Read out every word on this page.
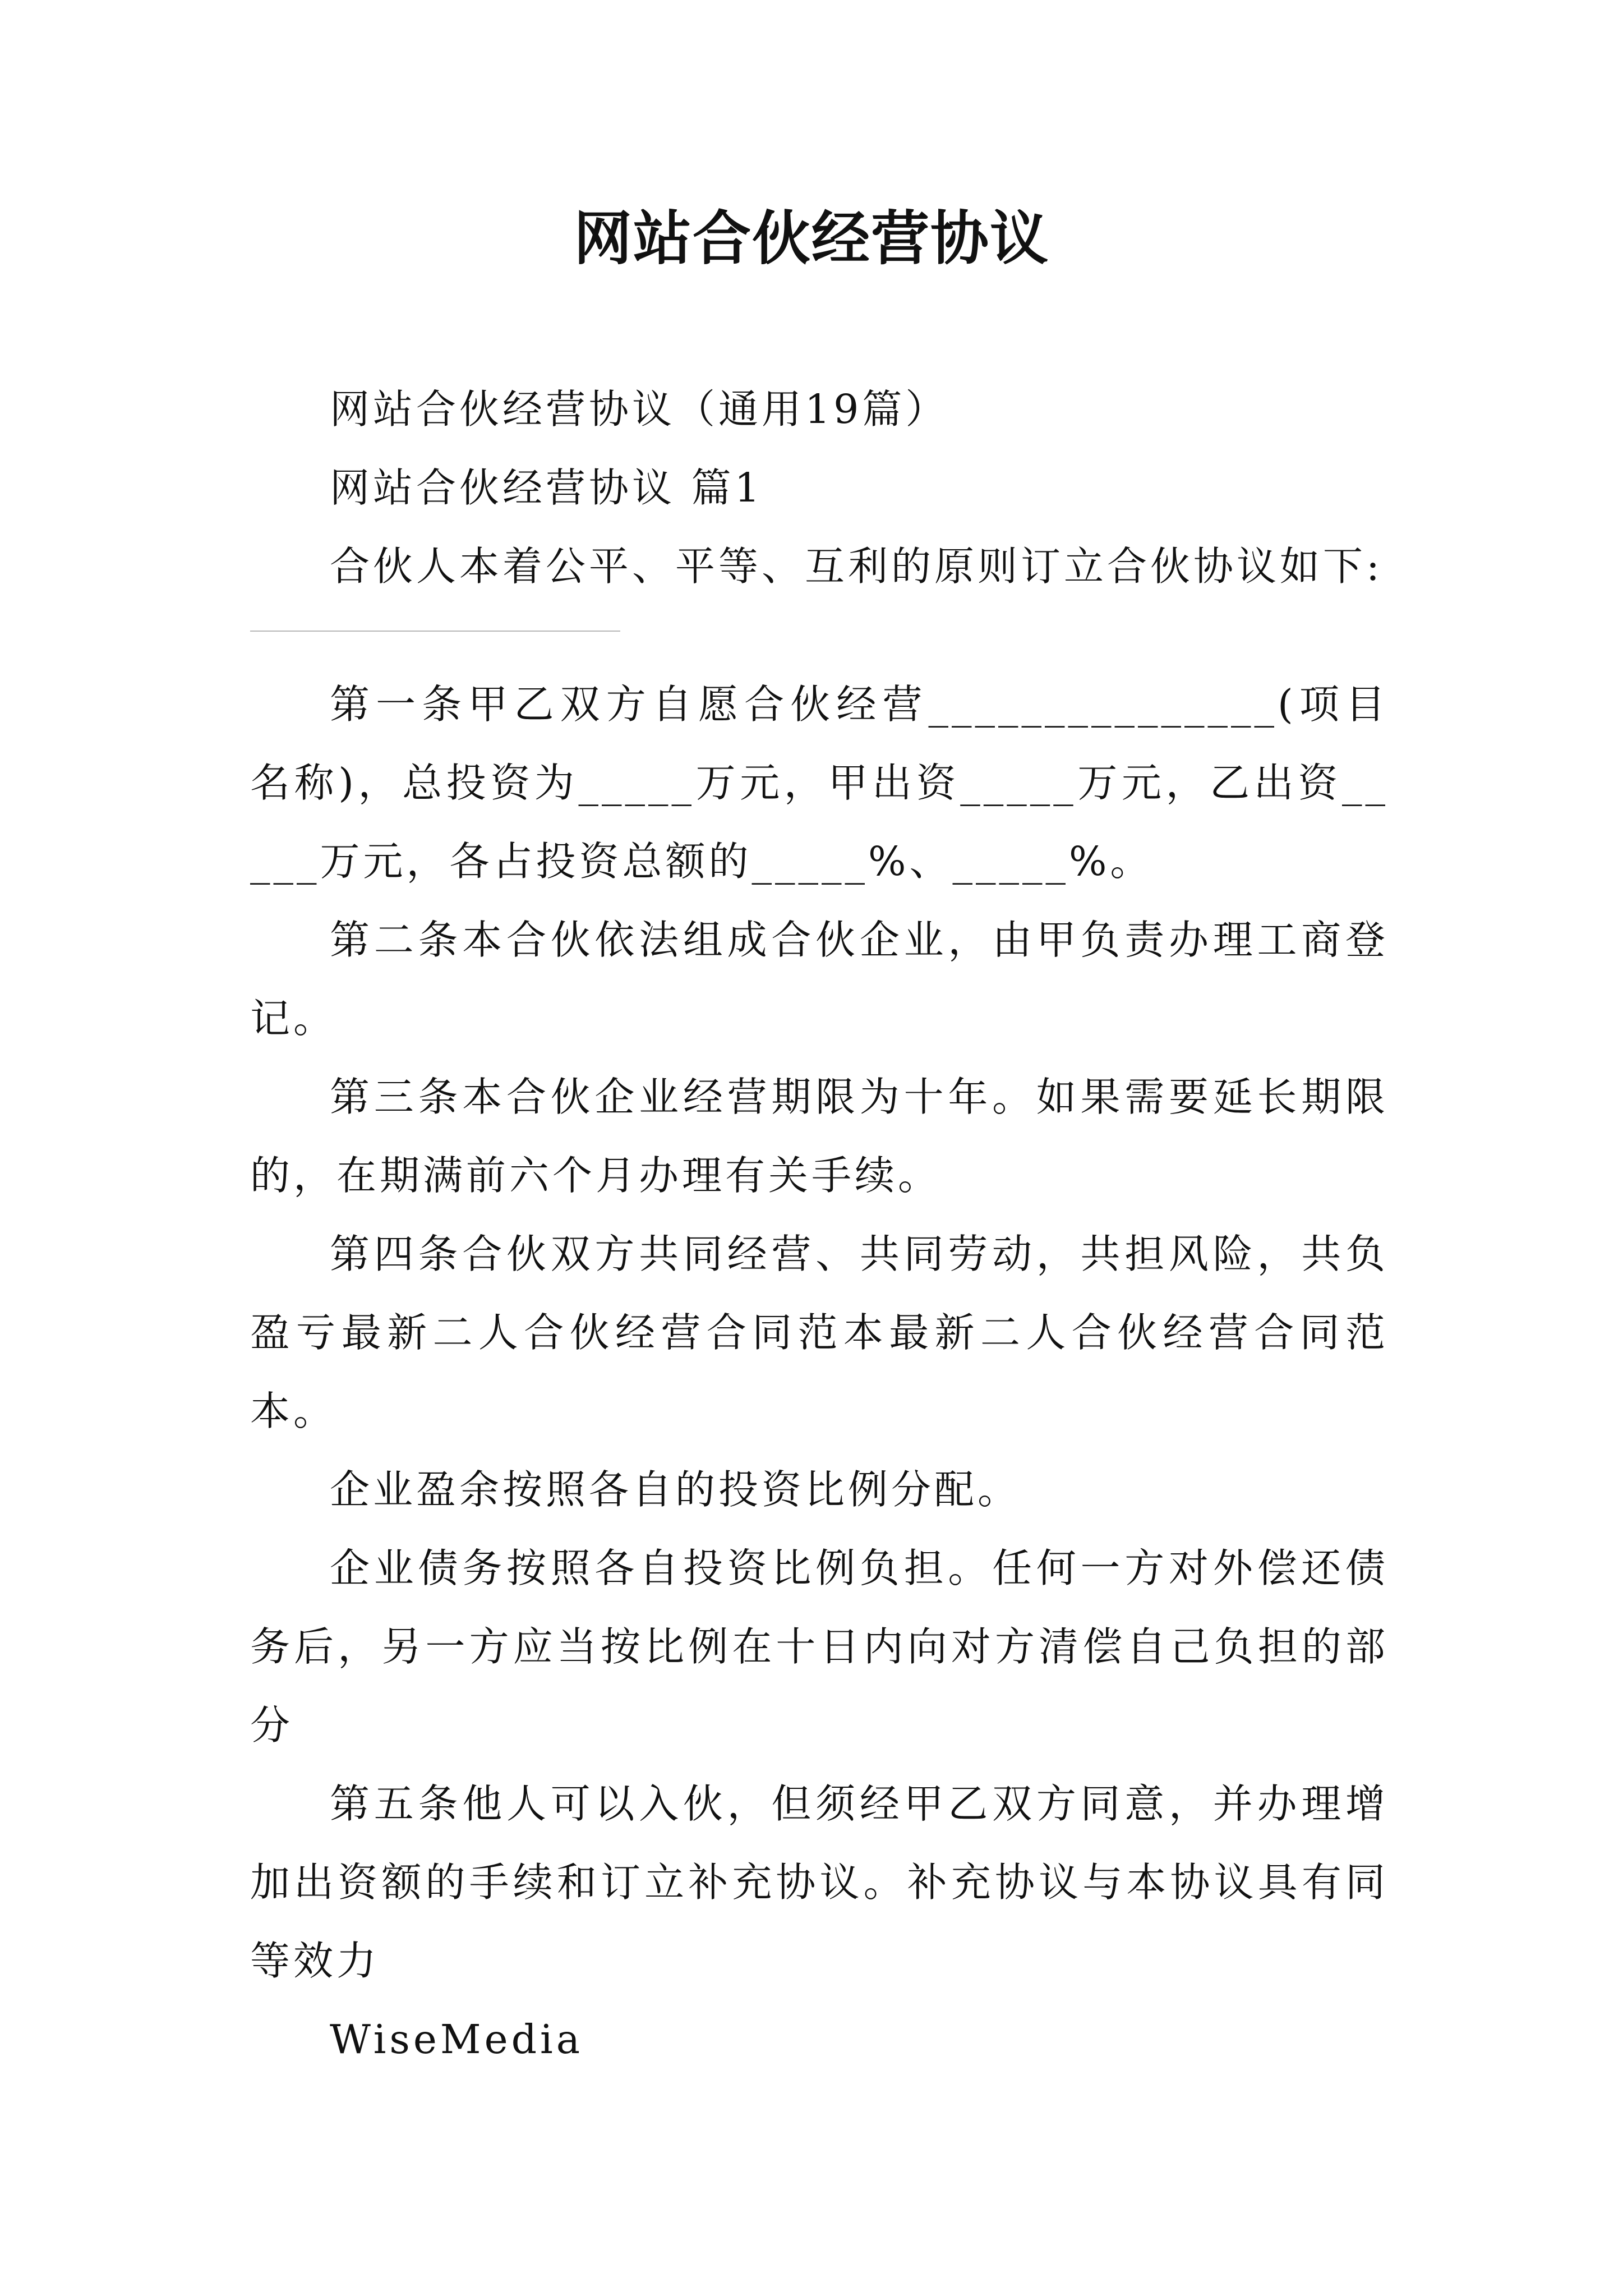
网站合伙经营协议

网站合伙经营协议（通用19篇）

网站合伙经营协议 篇1

合伙人本着公平、平等、互利的原则订立合伙协议如下:

第一条甲乙双方自愿合伙经营_______________(项目名称)，总投资为_____万元，甲出资_____万元，乙出资_____万元，各占投资总额的_____%、_____%。

第二条本合伙依法组成合伙企业，由甲负责办理工商登记。

第三条本合伙企业经营期限为十年。如果需要延长期限的，在期满前六个月办理有关手续。

第四条合伙双方共同经营、共同劳动，共担风险，共负盈亏最新二人合伙经营合同范本最新二人合伙经营合同范本。

企业盈余按照各自的投资比例分配。

企业债务按照各自投资比例负担。任何一方对外偿还债务后，另一方应当按比例在十日内向对方清偿自己负担的部分

第五条他人可以入伙，但须经甲乙双方同意，并办理增加出资额的手续和订立补充协议。补充协议与本协议具有同等效力

WiseMedia
